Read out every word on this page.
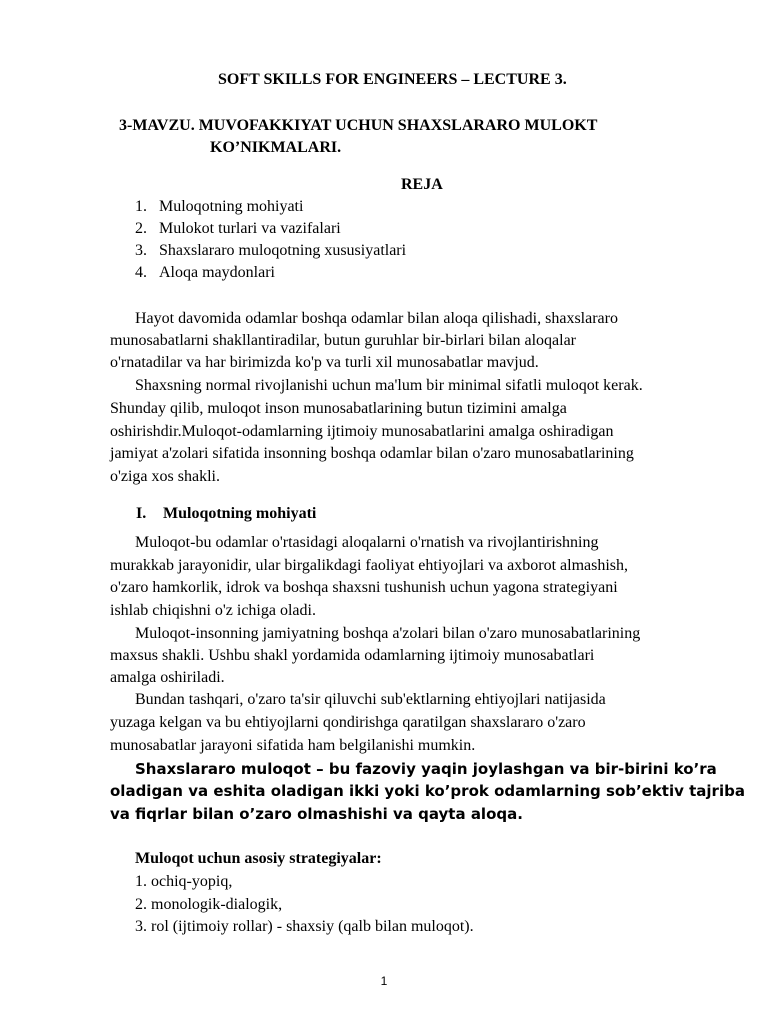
SOFT SKILLS FOR ENGINEERS – LECTURE 3.
3-MAVZU. MUVOFAKKIYAT UCHUN SHAXSLARARO MULOKT
KO’NIKMALARI.
REJA
1. Muloqotning mohiyati
2. Mulokot turlari va vazifalari
3. Shaxslararo muloqotning xususiyatlari
4. Aloqa maydonlari
Hayot davomida odamlar boshqa odamlar bilan aloqa qilishadi, shaxslararo
munosabatlarni shakllantiradilar, butun guruhlar bir-birlari bilan aloqalar
o'rnatadilar va har birimizda ko'p va turli xil munosabatlar mavjud.
Shaxsning normal rivojlanishi uchun ma'lum bir minimal sifatli muloqot kerak.
Shunday qilib, muloqot inson munosabatlarining butun tizimini amalga
oshirishdir.Muloqot-odamlarning ijtimoiy munosabatlarini amalga oshiradigan
jamiyat a'zolari sifatida insonning boshqa odamlar bilan o'zaro munosabatlarining
o'ziga xos shakli.
I. Muloqotning mohiyati
Muloqot-bu odamlar o'rtasidagi aloqalarni o'rnatish va rivojlantirishning
murakkab jarayonidir, ular birgalikdagi faoliyat ehtiyojlari va axborot almashish,
o'zaro hamkorlik, idrok va boshqa shaxsni tushunish uchun yagona strategiyani
ishlab chiqishni o'z ichiga oladi.
Muloqot-insonning jamiyatning boshqa a'zolari bilan o'zaro munosabatlarining
maxsus shakli. Ushbu shakl yordamida odamlarning ijtimoiy munosabatlari
amalga oshiriladi.
Bundan tashqari, o'zaro ta'sir qiluvchi sub'ektlarning ehtiyojlari natijasida
yuzaga kelgan va bu ehtiyojlarni qondirishga qaratilgan shaxslararo o'zaro
munosabatlar jarayoni sifatida ham belgilanishi mumkin.
Shaxslararo muloqot – bu fazoviy yaqin joylashgan va bir-birini ko’ra
oladigan va eshita oladigan ikki yoki ko’prok odamlarning sob’ektiv tajriba
va fiqrlar bilan o’zaro olmashishi va qayta aloqa.
Muloqot uchun asosiy strategiyalar:
1. ochiq-yopiq,
2. monologik-dialogik,
3. rol (ijtimoiy rollar) - shaxsiy (qalb bilan muloqot).
1
